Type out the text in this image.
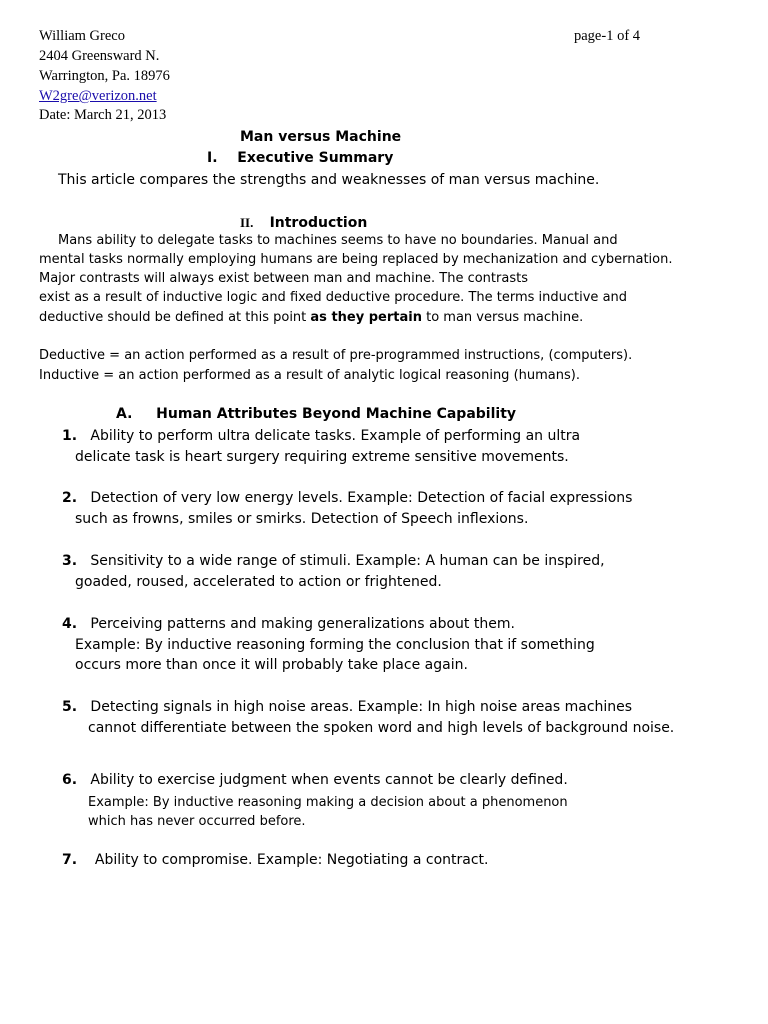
William Greco	page-1 of 4
2404 Greensward N.
Warrington, Pa. 18976
W2gre@verizon.net
Date: March 21, 2013
Man versus Machine
I. Executive Summary
This article compares the strengths and weaknesses of man versus machine.
II. Introduction
Mans ability to delegate tasks to machines seems to have no boundaries. Manual and
mental tasks normally employing humans are being replaced by mechanization and cybernation.
Major contrasts will always exist between man and machine. The contrasts
exist as a result of inductive logic and fixed deductive procedure. The terms inductive and
deductive should be defined at this point as they pertain to man versus machine.
Deductive = an action performed as a result of pre-programmed instructions, (computers).
Inductive = an action performed as a result of analytic logical reasoning (humans).
A. Human Attributes Beyond Machine Capability
1. Ability to perform ultra delicate tasks. Example of performing an ultra
delicate task is heart surgery requiring extreme sensitive movements.
2. Detection of very low energy levels. Example: Detection of facial expressions
such as frowns, smiles or smirks. Detection of Speech inflexions.
3. Sensitivity to a wide range of stimuli. Example: A human can be inspired,
goaded, roused, accelerated to action or frightened.
4. Perceiving patterns and making generalizations about them.
Example: By inductive reasoning forming the conclusion that if something
occurs more than once it will probably take place again.
5. Detecting signals in high noise areas. Example: In high noise areas machines
cannot differentiate between the spoken word and high levels of background noise.
6. Ability to exercise judgment when events cannot be clearly defined.
Example: By inductive reasoning making a decision about a phenomenon
which has never occurred before.
7. Ability to compromise. Example: Negotiating a contract.
